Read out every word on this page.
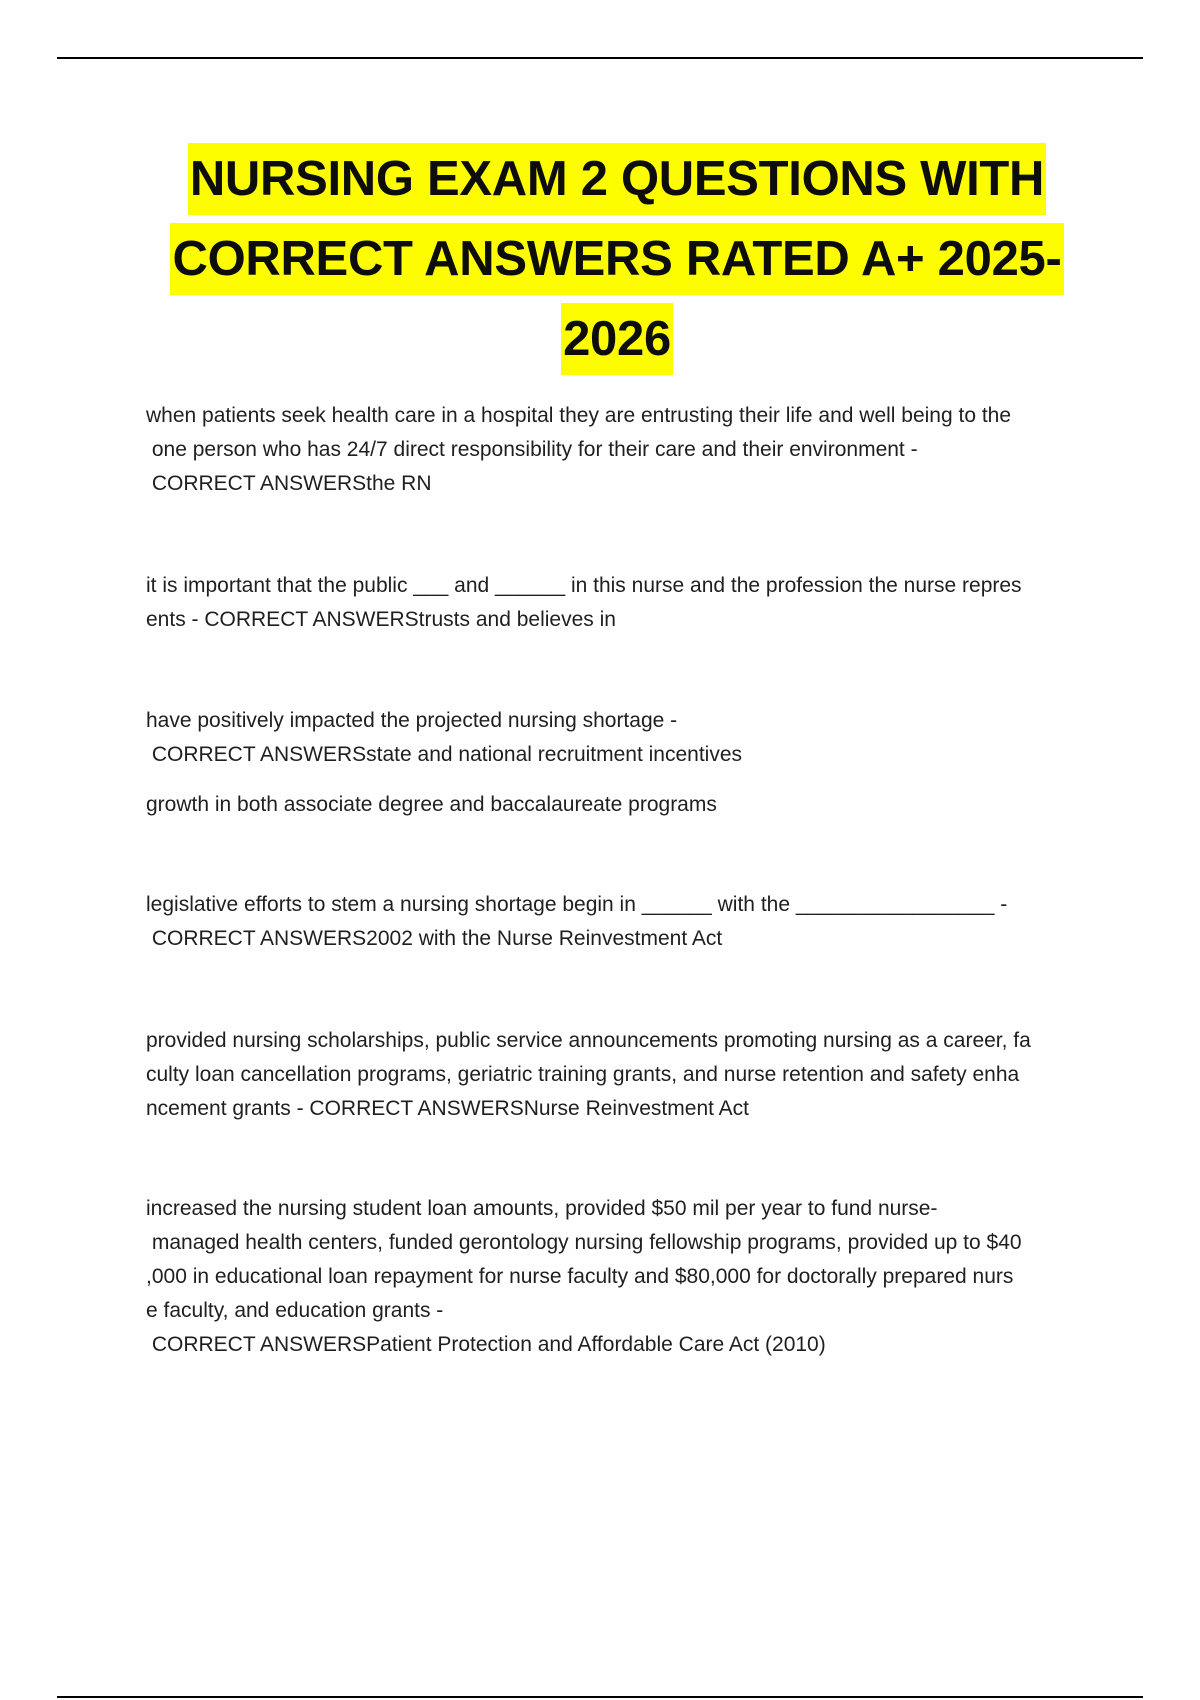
NURSING EXAM 2 QUESTIONS WITH
CORRECT ANSWERS RATED A+ 2025-
2026
when patients seek health care in a hospital they are entrusting their life and well being to the
one person who has 24/7 direct responsibility for their care and their environment -
CORRECT ANSWERSthe RN
it is important that the public ___ and ______ in this nurse and the profession the nurse repres
ents - CORRECT ANSWERStrusts and believes in
have positively impacted the projected nursing shortage -
CORRECT ANSWERSstate and national recruitment incentives
growth in both associate degree and baccalaureate programs
legislative efforts to stem a nursing shortage begin in ______ with the _________________ -
CORRECT ANSWERS2002 with the Nurse Reinvestment Act
provided nursing scholarships, public service announcements promoting nursing as a career, fa
culty loan cancellation programs, geriatric training grants, and nurse retention and safety enha
ncement grants - CORRECT ANSWERSNurse Reinvestment Act
increased the nursing student loan amounts, provided $50 mil per year to fund nurse-
managed health centers, funded gerontology nursing fellowship programs, provided up to $40
,000 in educational loan repayment for nurse faculty and $80,000 for doctorally prepared nurs
e faculty, and education grants -
CORRECT ANSWERSPatient Protection and Affordable Care Act (2010)
